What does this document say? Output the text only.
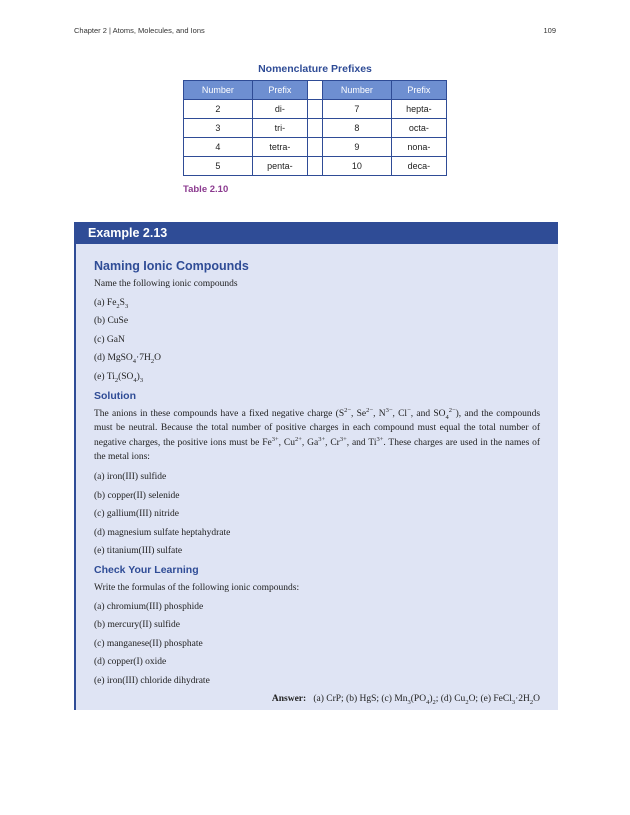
Chapter 2 | Atoms, Molecules, and Ions	109
Nomenclature Prefixes
Number	Prefix		Number	Prefix
2	di-		7	hepta-
3	tri-		8	octa-
4	tetra-		9	nona-
5	penta-		10	deca-
Table 2.10
Example 2.13
Naming Ionic Compounds
Name the following ionic compounds
(a) $Fe_2S_3$
(b) CuSe
(c) GaN
(d) $MgSO_4\cdot 7H_2O$
(e) $Ti_2(SO_4)_3$
Solution
The anions in these compounds have a fixed negative charge ($S^{2-}$, $Se^{2-}$, $N^{3-}$, Cl−, and $SO_4^{2-}$), and the compounds must be neutral. Because the total number of positive charges in each compound must equal the total number of negative charges, the positive ions must be $Fe^{3+}$, $Cu^{2+}$, $Ga^{3+}$, $Cr^{3+}$, and $Ti^{3+}$. These charges are used in the names of the metal ions:
(a) iron(III) sulfide
(b) copper(II) selenide
(c) gallium(III) nitride
(d) magnesium sulfate heptahydrate
(e) titanium(III) sulfate
Check Your Learning
Write the formulas of the following ionic compounds:
(a) chromium(III) phosphide
(b) mercury(II) sulfide
(c) manganese(II) phosphate
(d) copper(I) oxide
(e) iron(III) chloride dihydrate
Answer: (a) CrP; (b) HgS; (c) $Mn_3(PO_4)_2$; (d) $Cu_2O$; (e) $FeCl_3\cdot 2H_2O$
